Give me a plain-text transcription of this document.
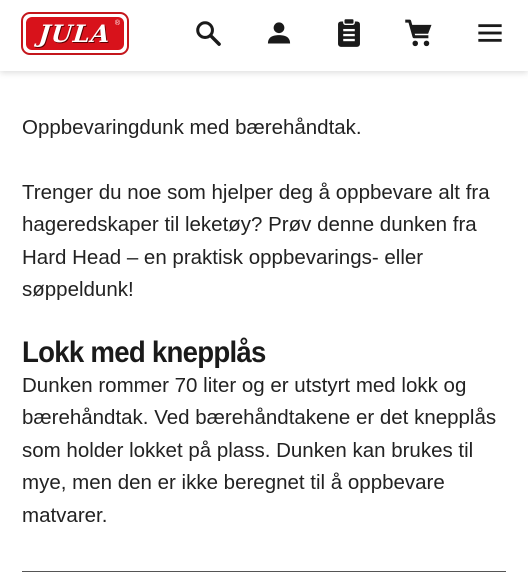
JULA ®

Oppbevaringdunk med bærehåndtak.

Trenger du noe som hjelper deg å oppbevare alt fra hageredskaper til leketøy? Prøv denne dunken fra Hard Head – en praktisk oppbevarings- eller søppeldunk!

Lokk med knepplås

Dunken rommer 70 liter og er utstyrt med lokk og bærehåndtak. Ved bærehåndtakene er det knepplås som holder lokket på plass. Dunken kan brukes til mye, men den er ikke beregnet til å oppbevare matvarer.
